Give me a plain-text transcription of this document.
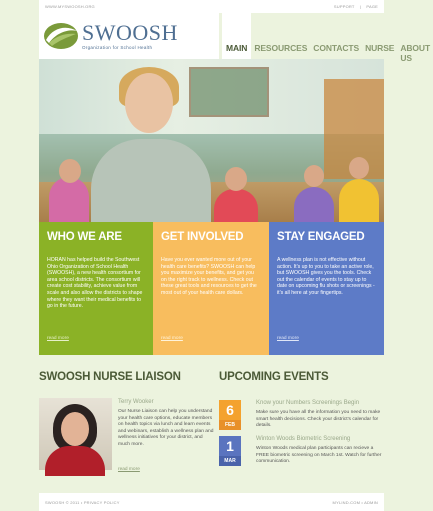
WWW.MYSWOOSH.ORG	SUPPORT | PAGE
SWOOSH
Organization for School Health	MAIN RESOURCES CONTACTS NURSE ABOUT US
WHO WE ARE

HORAN has helped build the Southwest Ohio Organization of School Health (SWOOSH), a new health consortium for area school districts. The consortium will create cost stability, achieve value from scale and also allow the districts to shape where they want their medical benefits to go in the future.

read more
GET INVOLVED

Have you ever wanted more out of your health care benefits? SWOOSH can help you maximize your benefits, and get you on the right track to wellness. Check out these great tools and resources to get the most out of your health care dollars.

read more
STAY ENGAGED

A wellness plan is not effective without action. It's up to you to take an active role, but SWOOSH gives you the tools. Check out the calendar of events to stay up to date on upcoming flu shots or screenings - it's all here at your fingertips.

read more
SWOOSH NURSE LIAISON
Terry Wooker
Our Nurse Liaison can help you understand your health care options, educate members on health topics via lunch and learn events and webinars, establish a wellness plan and wellness initiatives for your district, and much more.
read more
UPCOMING EVENTS
6
FEB
Know your Numbers Screenings Begin
Make sure you have all the information you need to make smart health decisions. Check your district's calendar for details.
1
MAR
Winton Woods Biometric Screening
Winton Woods medical plan participants can recieve a FREE biometric screening on March 1st. Watch for further communication.
SWOOSH © 2011 • PRIVACY POLICY	MYLIND.COM • ADMIN
